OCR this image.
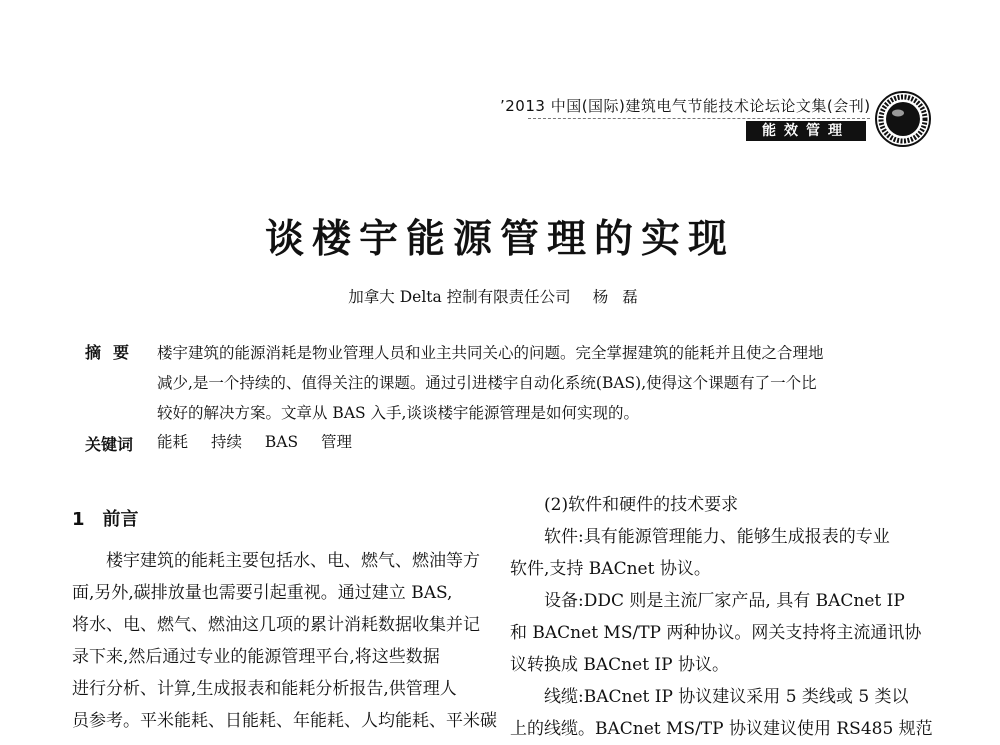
’2013 中国(国际)建筑电气节能技术论坛论文集(会刊)
能效管理
谈楼宇能源管理的实现
加拿大 Delta 控制有限责任公司 杨磊
摘要 楼宇建筑的能源消耗是物业管理人员和业主共同关心的问题。完全掌握建筑的能耗并且使之合理地
减少,是一个持续的、值得关注的课题。通过引进楼宇自动化系统(BAS),使得这个课题有了一个比
较好的解决方案。文章从 BAS 入手,谈谈楼宇能源管理是如何实现的。
关键词 能耗 持续 BAS 管理
1 前言
楼宇建筑的能耗主要包括水、电、燃气、燃油等方
面,另外,碳排放量也需要引起重视。通过建立 BAS,
将水、电、燃气、燃油这几项的累计消耗数据收集并记
录下来,然后通过专业的能源管理平台,将这些数据
进行分析、计算,生成报表和能耗分析报告,供管理人
员参考。平米能耗、日能耗、年能耗、人均能耗、平米碳
(2)软件和硬件的技术要求
软件:具有能源管理能力、能够生成报表的专业
软件,支持 BACnet 协议。
设备:DDC 则是主流厂家产品, 具有 BACnet IP
和 BACnet MS/TP 两种协议。网关支持将主流通讯协
议转换成 BACnet IP 协议。
线缆:BACnet IP 协议建议采用 5 类线或 5 类以
上的线缆。BACnet MS/TP 协议建议使用 RS485 规范
